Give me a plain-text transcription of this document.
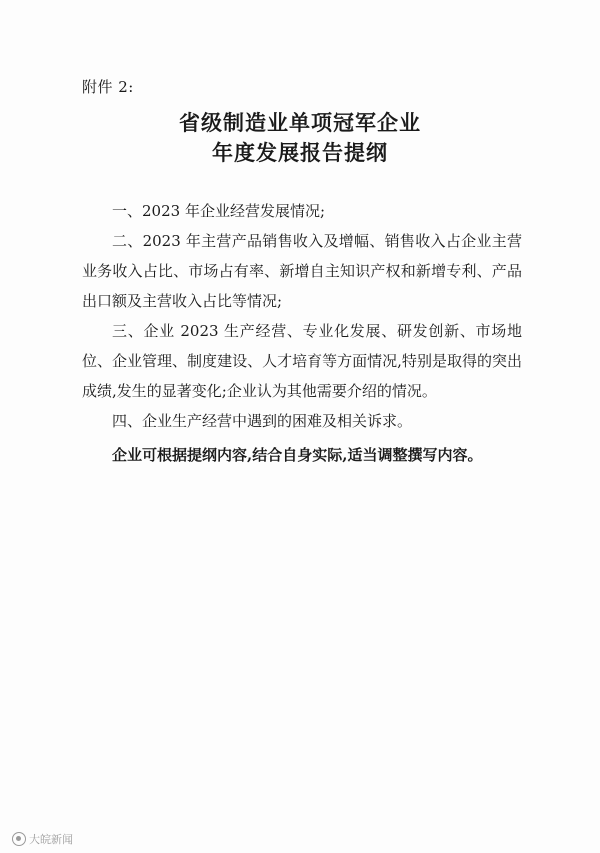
附件 2:
省级制造业单项冠军企业
年度发展报告提纲

一、2023 年企业经营发展情况;

二、2023 年主营产品销售收入及增幅、销售收入占企业主营业务收入占比、市场占有率、新增自主知识产权和新增专利、产品出口额及主营收入占比等情况;

三、企业 2023 生产经营、专业化发展、研发创新、市场地位、企业管理、制度建设、人才培育等方面情况,特别是取得的突出成绩,发生的显著变化;企业认为其他需要介绍的情况。

四、企业生产经营中遇到的困难及相关诉求。

企业可根据提纲内容,结合自身实际,适当调整撰写内容。

大皖新闻
